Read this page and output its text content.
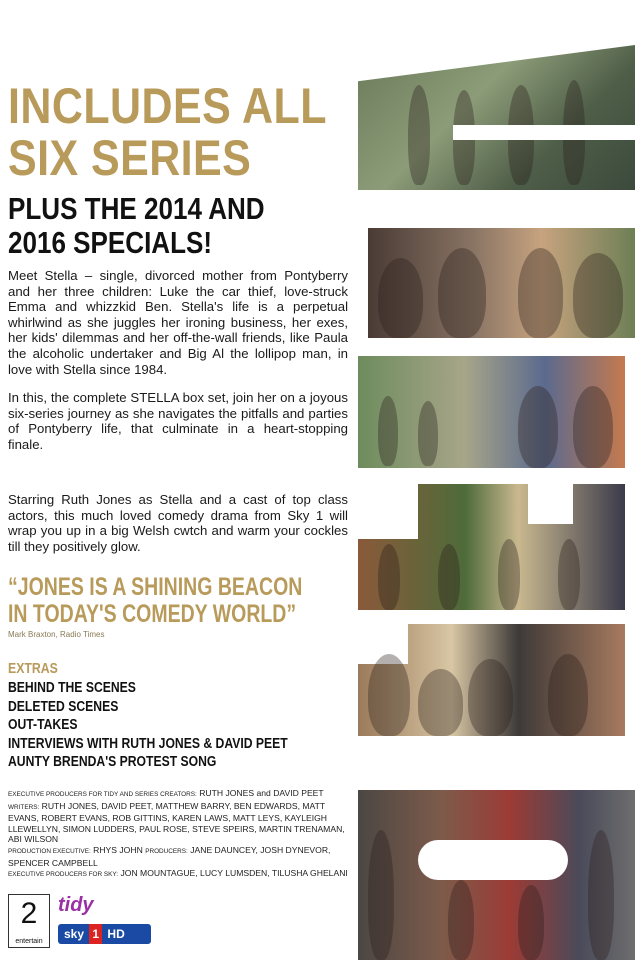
INCLUDES ALL
SIX SERIES
PLUS THE 2014 AND
2016 SPECIALS!

Meet Stella – single, divorced mother from Pontyberry and her three children: Luke the car thief, love-struck Emma and whizzkid Ben. Stella's life is a perpetual whirlwind as she juggles her ironing business, her exes, her kids' dilemmas and her off-the-wall friends, like Paula the alcoholic undertaker and Big Al the lollipop man, in love with Stella since 1984.

In this, the complete STELLA box set, join her on a joyous six-series journey as she navigates the pitfalls and parties of Pontyberry life, that culminate in a heart-stopping finale.

Starring Ruth Jones as Stella and a cast of top class actors, this much loved comedy drama from Sky 1 will wrap you up in a big Welsh cwtch and warm your cockles till they positively glow.

“JONES IS A SHINING BEACON
IN TODAY'S COMEDY WORLD”

Mark Braxton, Radio Times
EXTRAS
BEHIND THE SCENES
DELETED SCENES
OUT-TAKES
INTERVIEWS WITH RUTH JONES & DAVID PEET
AUNTY BRENDA'S PROTEST SONG
EXECUTIVE PRODUCERS FOR TIDY AND SERIES CREATORS: RUTH JONES and DAVID PEET
WRITERS: RUTH JONES, DAVID PEET, MATTHEW BARRY, BEN EDWARDS, MATT EVANS, ROBERT EVANS, ROB GITTINS, KAREN LAWS, MATT LEYS, KAYLEIGH LLEWELLYN, SIMON LUDDERS, PAUL ROSE, STEVE SPEIRS, MARTIN TRENAMAN, ABI WILSON
PRODUCTION EXECUTIVE: RHYS JOHN PRODUCERS: JANE DAUNCEY, JOSH DYNEVOR, SPENCER CAMPBELL
EXECUTIVE PRODUCERS FOR SKY: JON MOUNTAGUE, LUCY LUMSDEN, TILUSHA GHELANI
2
entertain
tidy
sky 1 HD
